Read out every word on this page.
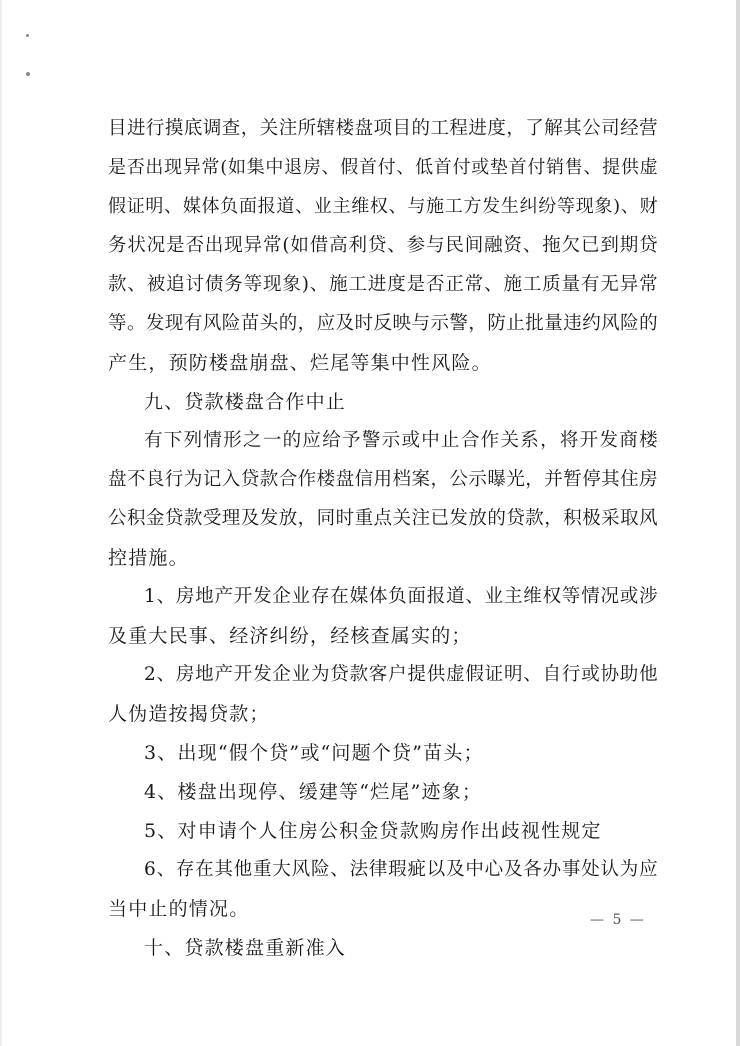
目进行摸底调查，关注所辖楼盘项目的工程进度，了解其公司经营
是否出现异常(如集中退房、假首付、低首付或垫首付销售、提供虚
假证明、媒体负面报道、业主维权、与施工方发生纠纷等现象)、财
务状况是否出现异常(如借高利贷、参与民间融资、拖欠已到期贷
款、被追讨债务等现象)、施工进度是否正常、施工质量有无异常
等。发现有风险苗头的，应及时反映与示警，防止批量违约风险的
产生，预防楼盘崩盘、烂尾等集中性风险。
九、贷款楼盘合作中止
有下列情形之一的应给予警示或中止合作关系，将开发商楼
盘不良行为记入贷款合作楼盘信用档案，公示曝光，并暂停其住房
公积金贷款受理及发放，同时重点关注已发放的贷款，积极采取风
控措施。
1、房地产开发企业存在媒体负面报道、业主维权等情况或涉
及重大民事、经济纠纷，经核查属实的；
2、房地产开发企业为贷款客户提供虚假证明、自行或协助他
人伪造按揭贷款；
3、出现“假个贷”或“问题个贷”苗头；
4、楼盘出现停、缓建等“烂尾”迹象；
5、对申请个人住房公积金贷款购房作出歧视性规定
6、存在其他重大风险、法律瑕疵以及中心及各办事处认为应
当中止的情况。
十、贷款楼盘重新准入
— 5 —
